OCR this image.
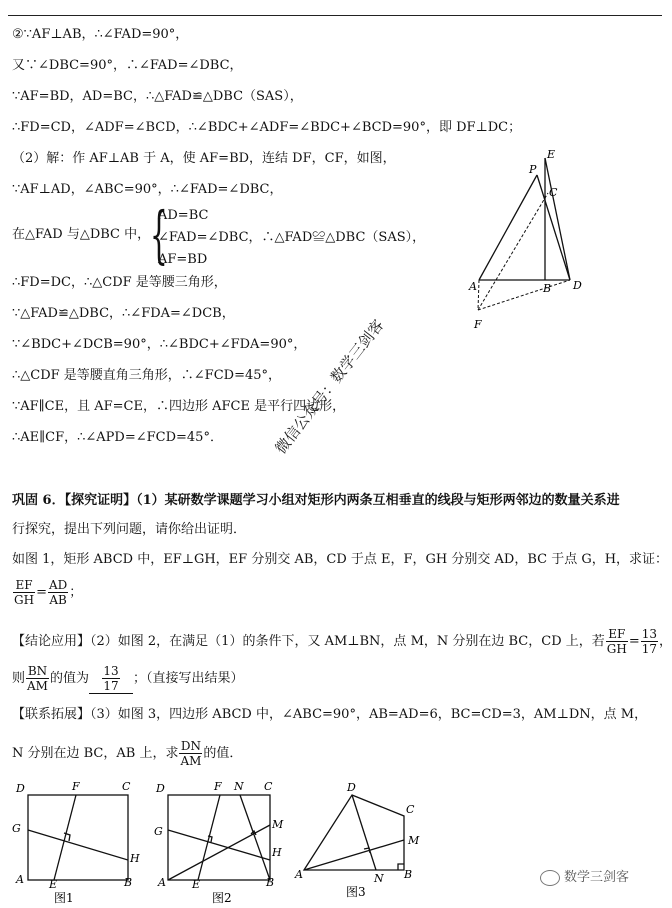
②∵AF⊥AB，∴∠FAD=90°，
又∵∠DBC=90°，∴∠FAD=∠DBC，
∵AF=BD，AD=BC，∴△FAD≌△DBC（SAS），
∴FD=CD，∠ADF=∠BCD，∴∠BDC+∠ADF=∠BDC+∠BCD=90°，即 DF⊥DC；
（2）解：作 AF⊥AB 于 A，使 AF=BD，连结 DF，CF，如图，
∵AF⊥AD，∠ABC=90°，∴∠FAD=∠DBC，
在△FAD 与△DBC 中， {
AD=BC
∠FAD=∠DBC，∴△FAD≌△DBC（SAS），
AF=BD
∴FD=DC，∴△CDF 是等腰三角形，
∵△FAD≌△DBC，∴∠FDA=∠DCB，
∵∠BDC+∠DCB=90°，∴∠BDC+∠FDA=90°，
∴△CDF 是等腰直角三角形，∴∠FCD=45°，
∵AF∥CE，且 AF=CE，∴四边形 AFCE 是平行四边形，
∴AE∥CF，∴∠APD=∠FCD=45°．
E
P
C
A	B D
F
微信公众号：数学三剑客
巩固 6．【探究证明】（1）某研数学课题学习小组对矩形内两条互相垂直的线段与矩形两邻边的数量关系进
行探究，提出下列问题，请你给出证明．
如图 1，矩形 ABCD 中，EF⊥GH，EF 分别交 AB，CD 于点 E，F，GH 分别交 AD，BC 于点 G，H，求证：
$\frac{EF}{GH} = \frac{AD}{AB}$ ；
【结论应用】（2）如图 2，在满足（1）的条件下，又 AM⊥BN，点 M，N 分别在边 BC，CD 上，若 $\frac{EF}{GH} = \frac{13}{17}$ ，
则 $\frac{BN}{AM}$ 的值为 $\frac{13}{17}$ ；（直接写出结果）
【联系拓展】（3）如图 3，四边形 ABCD 中，∠ABC=90°，AB=AD=6，BC=CD=3，AM⊥DN，点 M，
N 分别在边 BC，AB 上，求 $\frac{DN}{AM}$ 的值．
D	F	C
G
H
A E	B
图1
D	F N C
G
M
H
A E	B
图2
D
C
M
A	N B
图3
数学三剑客
